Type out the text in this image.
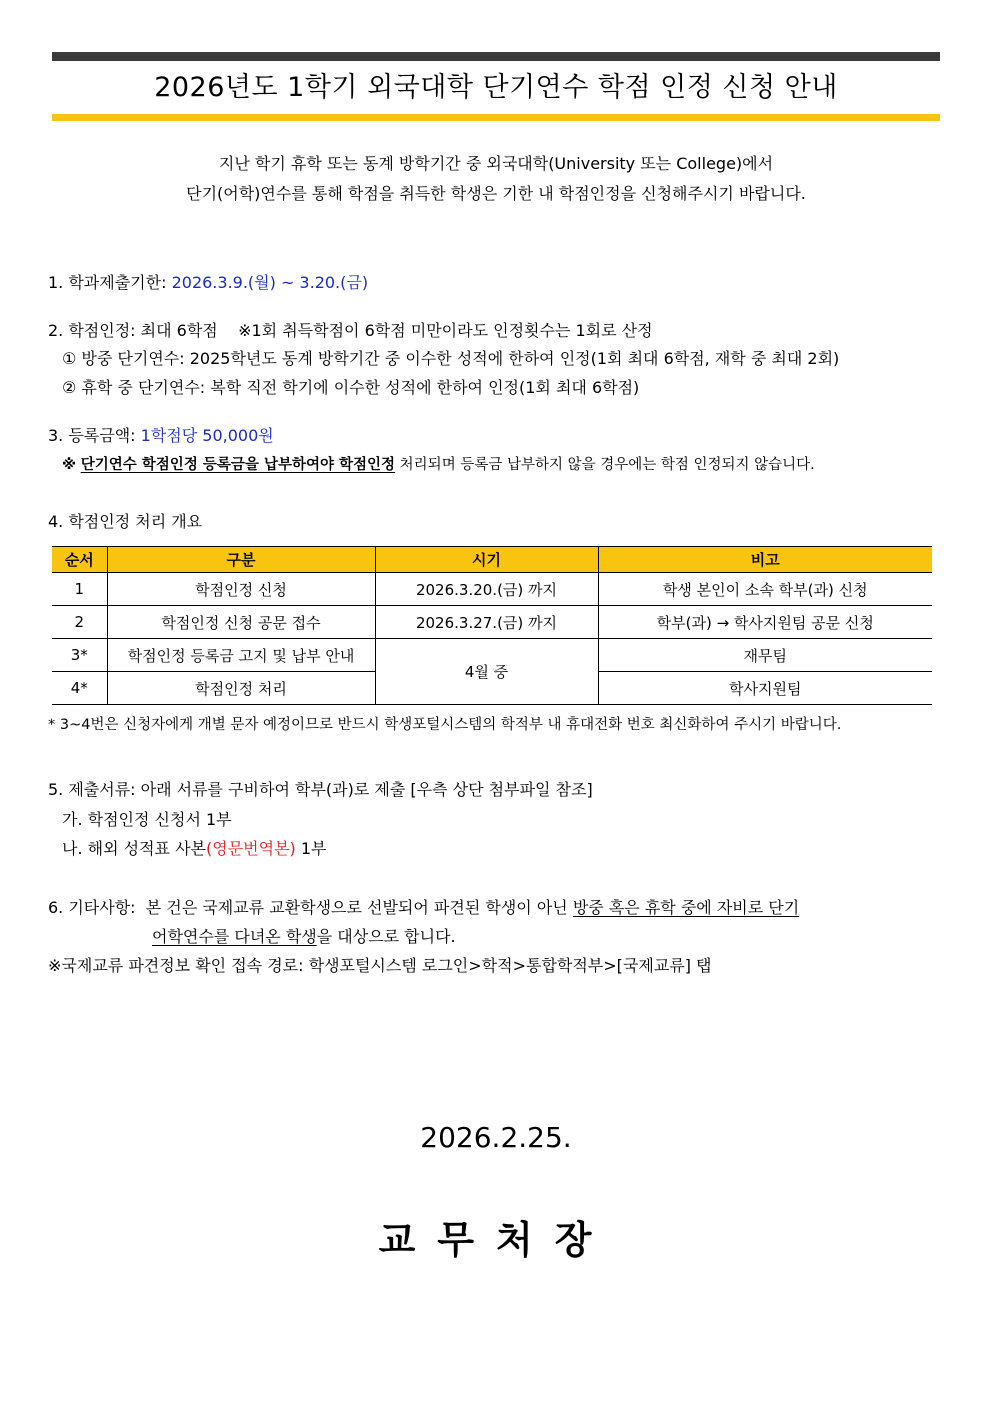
2026년도 1학기 외국대학 단기연수 학점 인정 신청 안내
지난 학기 휴학 또는 동계 방학기간 중 외국대학(University 또는 College)에서
단기(어학)연수를 통해 학점을 취득한 학생은 기한 내 학점인정을 신청해주시기 바랍니다.
1. 학과제출기한: 2026.3.9.(월) ~ 3.20.(금)
2. 학점인정: 최대 6학점 ※1회 취득학점이 6학점 미만이라도 인정횟수는 1회로 산정
① 방중 단기연수: 2025학년도 동계 방학기간 중 이수한 성적에 한하여 인정(1회 최대 6학점, 재학 중 최대 2회)
② 휴학 중 단기연수: 복학 직전 학기에 이수한 성적에 한하여 인정(1회 최대 6학점)
3. 등록금액: 1학점당 50,000원
※ 단기연수 학점인정 등록금을 납부하여야 학점인정 처리되며 등록금 납부하지 않을 경우에는 학점 인정되지 않습니다.
4. 학점인정 처리 개요
순서	구분	시기	비고
1	학점인정 신청	2026.3.20.(금) 까지	학생 본인이 소속 학부(과) 신청
2	학점인정 신청 공문 접수	2026.3.27.(금) 까지	학부(과) → 학사지원팀 공문 신청
3*	학점인정 등록금 고지 및 납부 안내	4월 중	재무팀
4*	학점인정 처리		학사지원팀
* 3~4번은 신청자에게 개별 문자 예정이므로 반드시 학생포털시스템의 학적부 내 휴대전화 번호 최신화하여 주시기 바랍니다.
5. 제출서류: 아래 서류를 구비하여 학부(과)로 제출 [우측 상단 첨부파일 참조]
가. 학점인정 신청서 1부
나. 해외 성적표 사본(영문번역본) 1부
6. 기타사항: 본 건은 국제교류 교환학생으로 선발되어 파견된 학생이 아닌 방중 혹은 휴학 중에 자비로 단기
어학연수를 다녀온 학생을 대상으로 합니다.
※국제교류 파견정보 확인 접속 경로: 학생포털시스템 로그인>학적>통합학적부>[국제교류] 탭
2026.2.25.
교무처장
